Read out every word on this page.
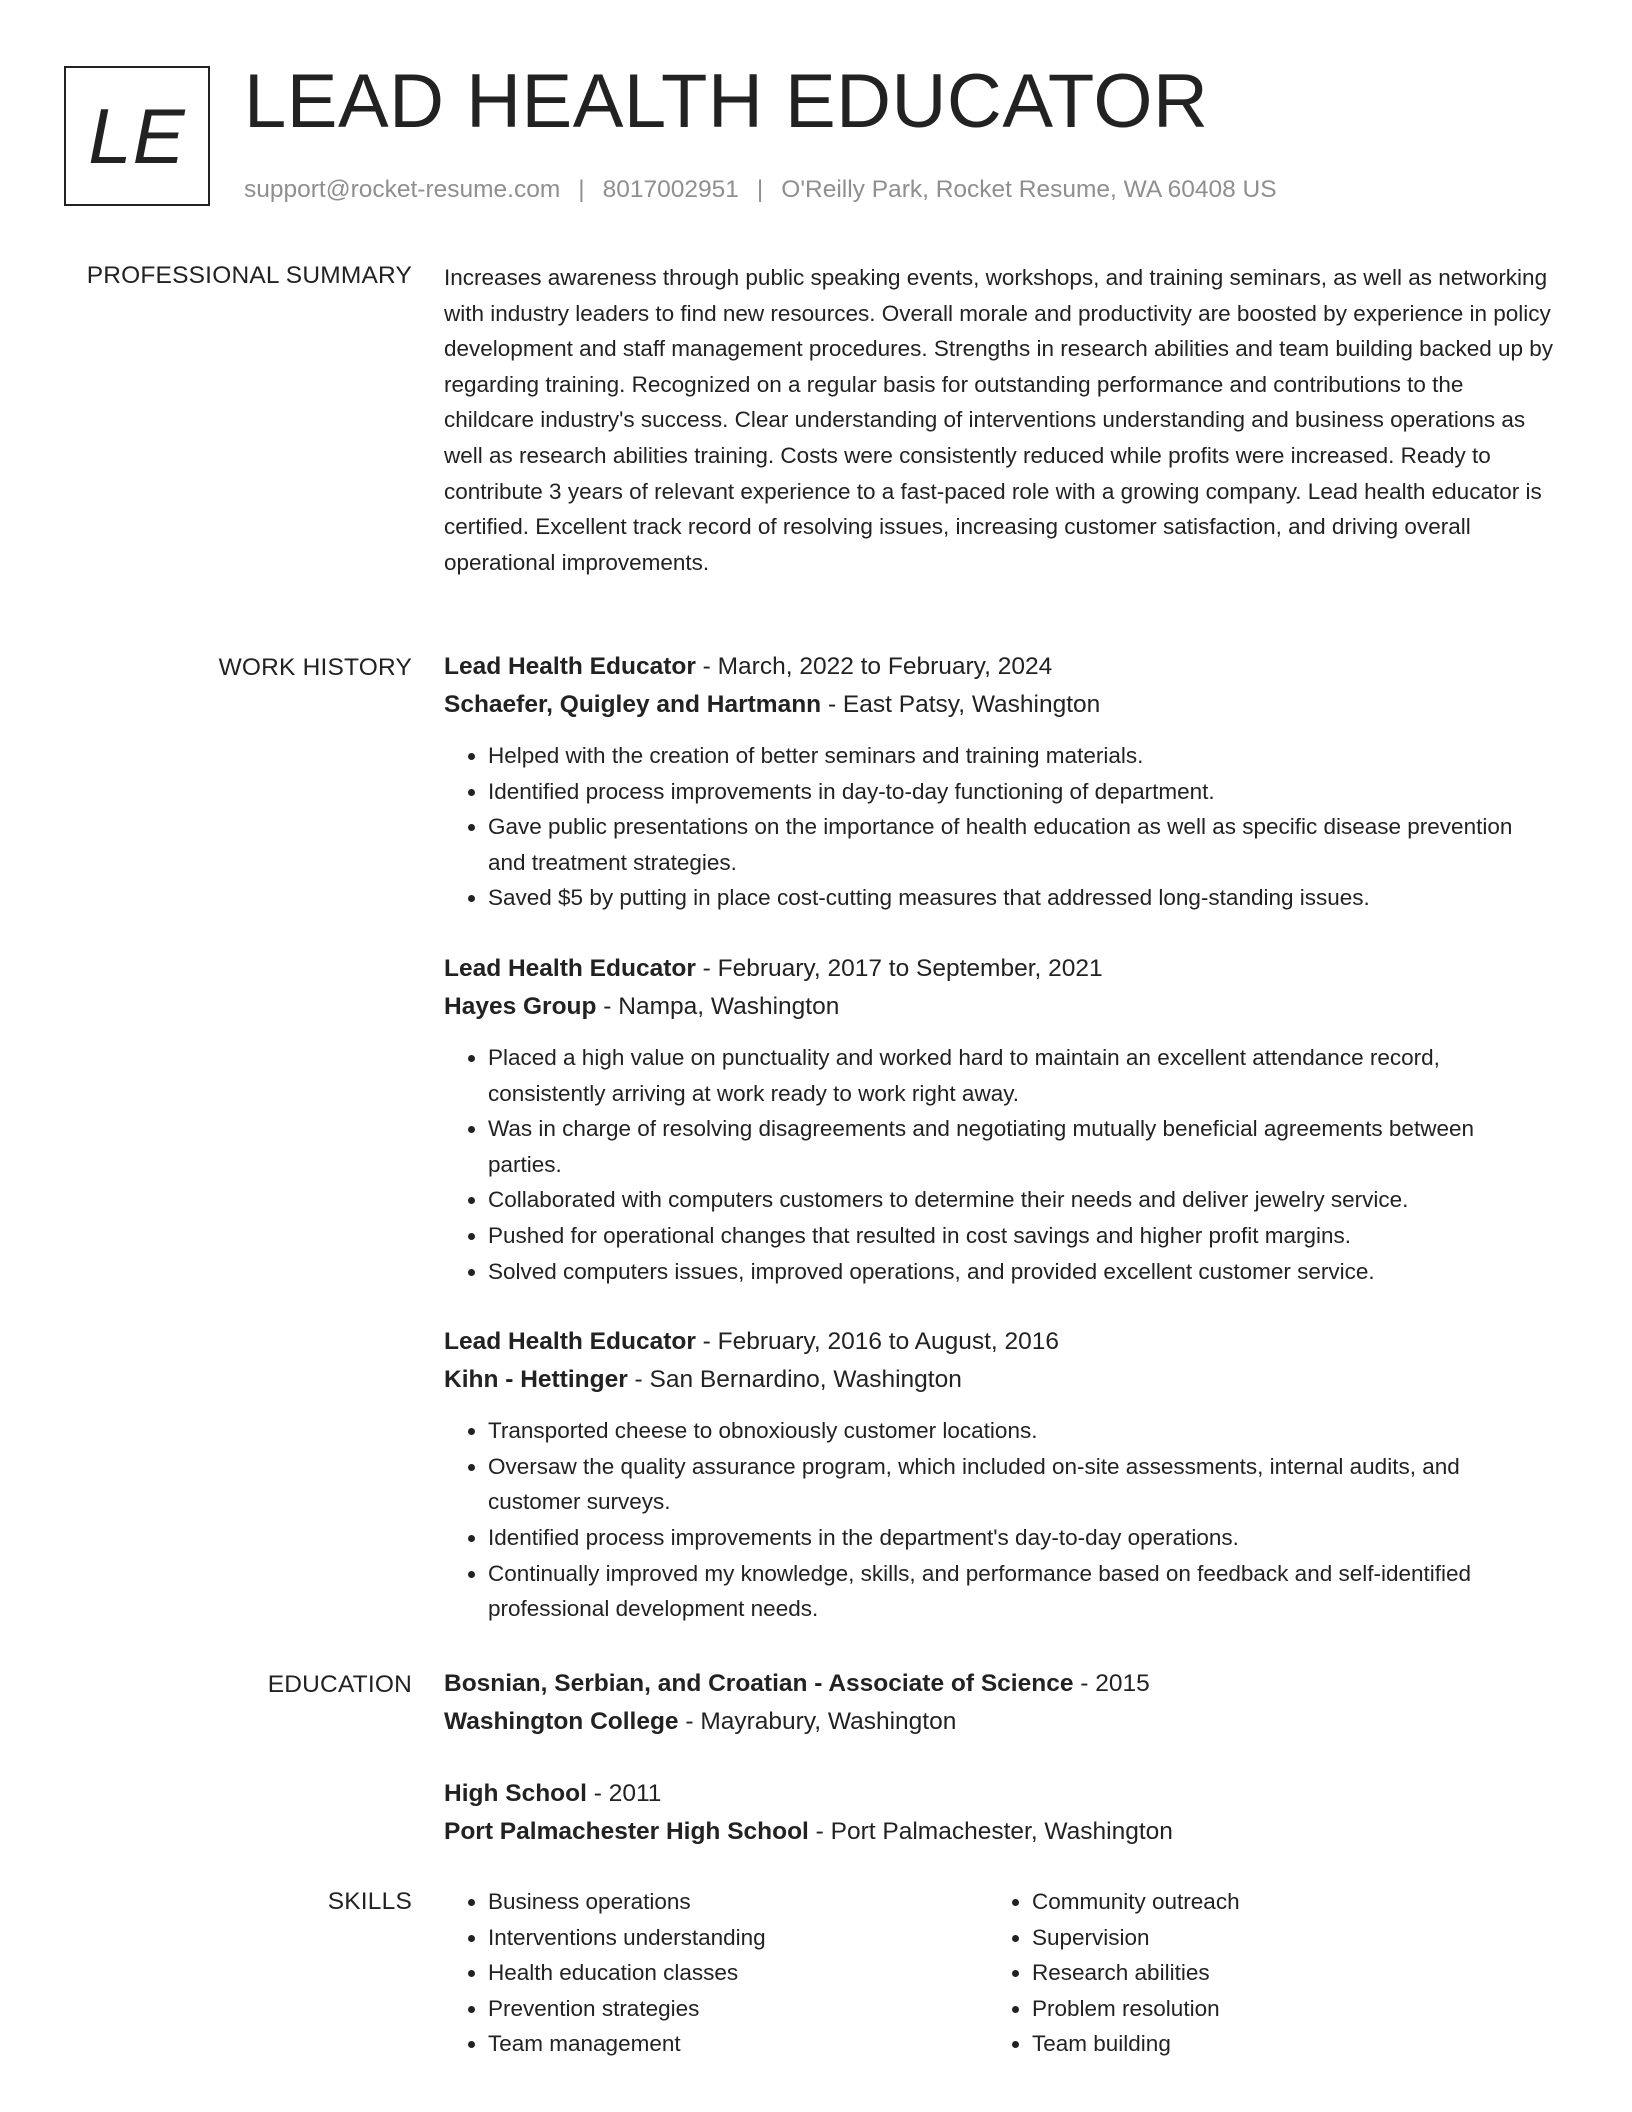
LE LEAD HEALTH EDUCATOR
support@rocket-resume.com | 8017002951 | O'Reilly Park, Rocket Resume, WA 60408 US
PROFESSIONAL SUMMARY Increases awareness through public speaking events, workshops, and training seminars, as well as networking with industry leaders to find new resources. Overall morale and productivity are boosted by experience in policy development and staff management procedures. Strengths in research abilities and team building backed up by regarding training. Recognized on a regular basis for outstanding performance and contributions to the childcare industry's success. Clear understanding of interventions understanding and business operations as well as research abilities training. Costs were consistently reduced while profits were increased. Ready to contribute 3 years of relevant experience to a fast-paced role with a growing company. Lead health educator is certified. Excellent track record of resolving issues, increasing customer satisfaction, and driving overall operational improvements.

WORK HISTORY Lead Health Educator - March, 2022 to February, 2024
Schaefer, Quigley and Hartmann - East Patsy, Washington
• Helped with the creation of better seminars and training materials.
• Identified process improvements in day-to-day functioning of department.
• Gave public presentations on the importance of health education as well as specific disease prevention and treatment strategies.
• Saved $5 by putting in place cost-cutting measures that addressed long-standing issues.
Lead Health Educator - February, 2017 to September, 2021
Hayes Group - Nampa, Washington
• Placed a high value on punctuality and worked hard to maintain an excellent attendance record, consistently arriving at work ready to work right away.
• Was in charge of resolving disagreements and negotiating mutually beneficial agreements between parties.
• Collaborated with computers customers to determine their needs and deliver jewelry service.
• Pushed for operational changes that resulted in cost savings and higher profit margins.
• Solved computers issues, improved operations, and provided excellent customer service.
Lead Health Educator - February, 2016 to August, 2016
Kihn - Hettinger - San Bernardino, Washington
• Transported cheese to obnoxiously customer locations.
• Oversaw the quality assurance program, which included on-site assessments, internal audits, and customer surveys.
• Identified process improvements in the department's day-to-day operations.
• Continually improved my knowledge, skills, and performance based on feedback and self-identified professional development needs.
EDUCATION Bosnian, Serbian, and Croatian - Associate of Science - 2015
Washington College - Mayrabury, Washington
High School - 2011
Port Palmachester High School - Port Palmachester, Washington
SKILLS
•	Business operations
• Interventions understanding
• Health education classes
• Prevention strategies
• Team management
• Community outreach
• Supervision
• Research abilities
• Problem resolution
• Team building
